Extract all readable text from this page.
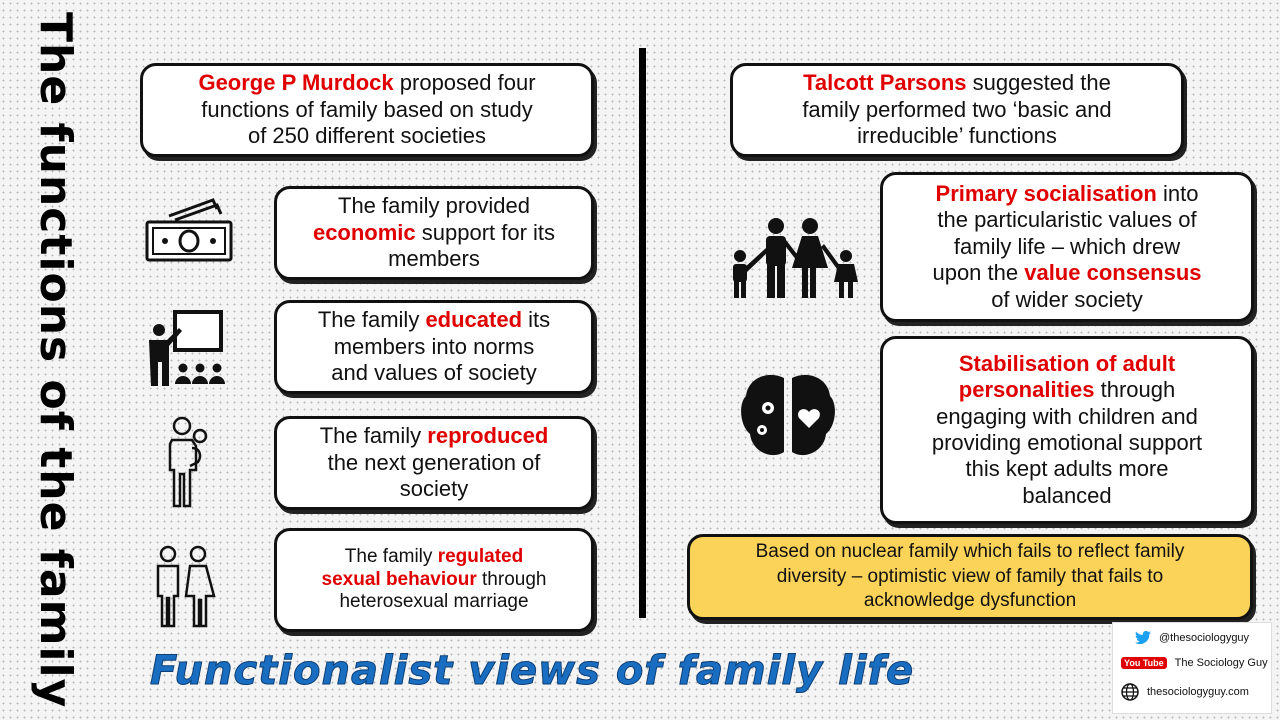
The functions of the family	George P Murdock proposed four

functions of family based on study

of 250 different societies

The family provided

economic support for its

members

The family educated its

members into norms

and values of society

The family reproduced

the next generation of

society

The family regulated

sexual behaviour through

heterosexual marriage

Talcott Parsons suggested the

family performed two ‘basic and

irreducible’ functions

Primary socialisation into

the particularistic values of

family life – which drew

upon the value consensus

of wider society

Stabilisation of adult

personalities through

engaging with children and

providing emotional support

this kept adults more

balanced

Based on nuclear family which fails to reflect family
diversity – optimistic view of family that fails to
acknowledge dysfunction
Functionalist views of family life
@thesociologyguy
You Tube The Sociology Guy
thesociologyguy.com
